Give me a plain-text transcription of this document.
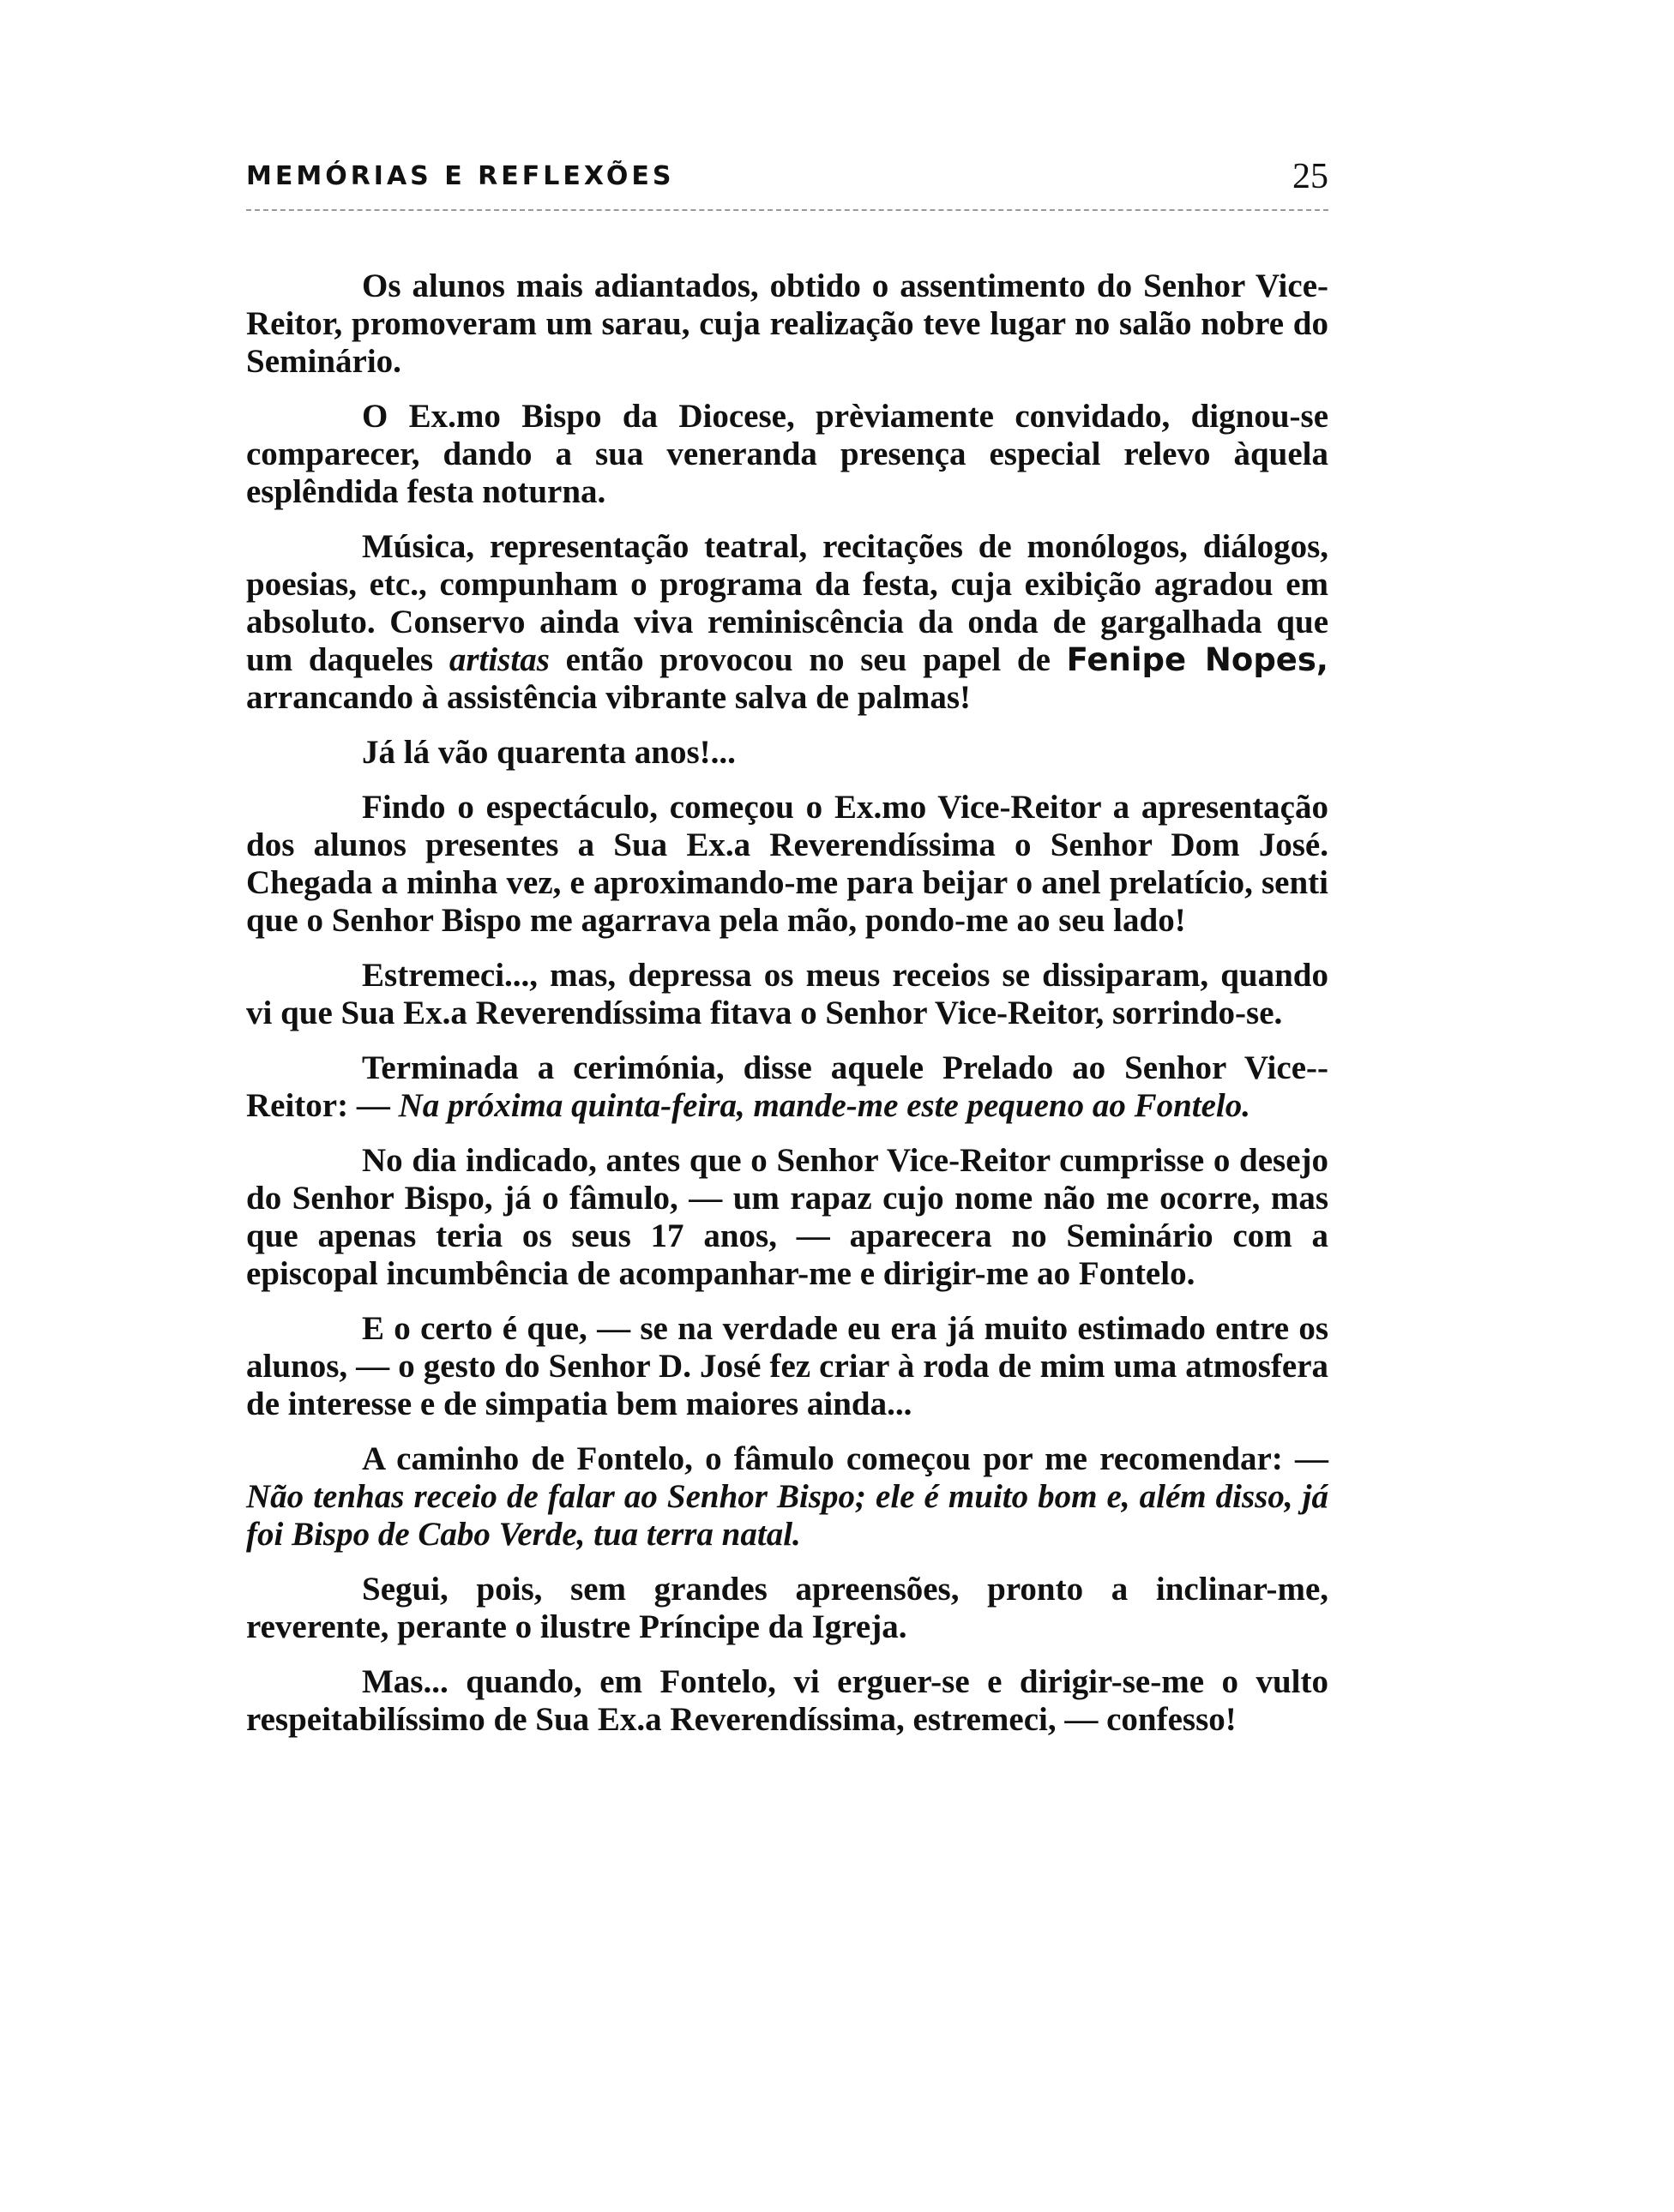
MEMÓRIAS E REFLEXÕES	25

Os alunos mais adiantados, obtido o assentimento do Senhor Vice-Reitor, promoveram um sarau, cuja realização teve lugar no salão nobre do Seminário.

O Ex.mo Bispo da Diocese, prèviamente convidado, dignou-se comparecer, dando a sua veneranda presença especial relevo àquela esplêndida festa noturna.

Música, representação teatral, recitações de monólogos, diálogos, poesias, etc., compunham o programa da festa, cuja exibição agradou em absoluto. Conservo ainda viva reminiscência da onda de gargalhada que um daqueles artistas então provocou no seu papel de Fenipe Nopes, arrancando à assistência vibrante salva de palmas!

Já lá vão quarenta anos!...

Findo o espectáculo, começou o Ex.mo Vice-Reitor a apresentação dos alunos presentes a Sua Ex.a Reverendíssima o Senhor Dom José. Chegada a minha vez, e aproximando-me para beijar o anel prelatício, senti que o Senhor Bispo me agarrava pela mão, pondo-me ao seu lado!

Estremeci..., mas, depressa os meus receios se dissiparam, quando vi que Sua Ex.a Reverendíssima fitava o Senhor Vice-Reitor, sorrindo-se.

Terminada a cerimónia, disse aquele Prelado ao Senhor Vice--Reitor: — Na próxima quinta-feira, mande-me este pequeno ao Fontelo.

No dia indicado, antes que o Senhor Vice-Reitor cumprisse o desejo do Senhor Bispo, já o fâmulo, — um rapaz cujo nome não me ocorre, mas que apenas teria os seus 17 anos, — aparecera no Seminário com a episcopal incumbência de acompanhar-me e dirigir-me ao Fontelo.

E o certo é que, — se na verdade eu era já muito estimado entre os alunos, — o gesto do Senhor D. José fez criar à roda de mim uma atmosfera de interesse e de simpatia bem maiores ainda...

A caminho de Fontelo, o fâmulo começou por me recomendar: — Não tenhas receio de falar ao Senhor Bispo; ele é muito bom e, além disso, já foi Bispo de Cabo Verde, tua terra natal.

Segui, pois, sem grandes apreensões, pronto a inclinar-me, reverente, perante o ilustre Príncipe da Igreja.

Mas... quando, em Fontelo, vi erguer-se e dirigir-se-me o vulto respeitabilíssimo de Sua Ex.a Reverendíssima, estremeci, — confesso!
